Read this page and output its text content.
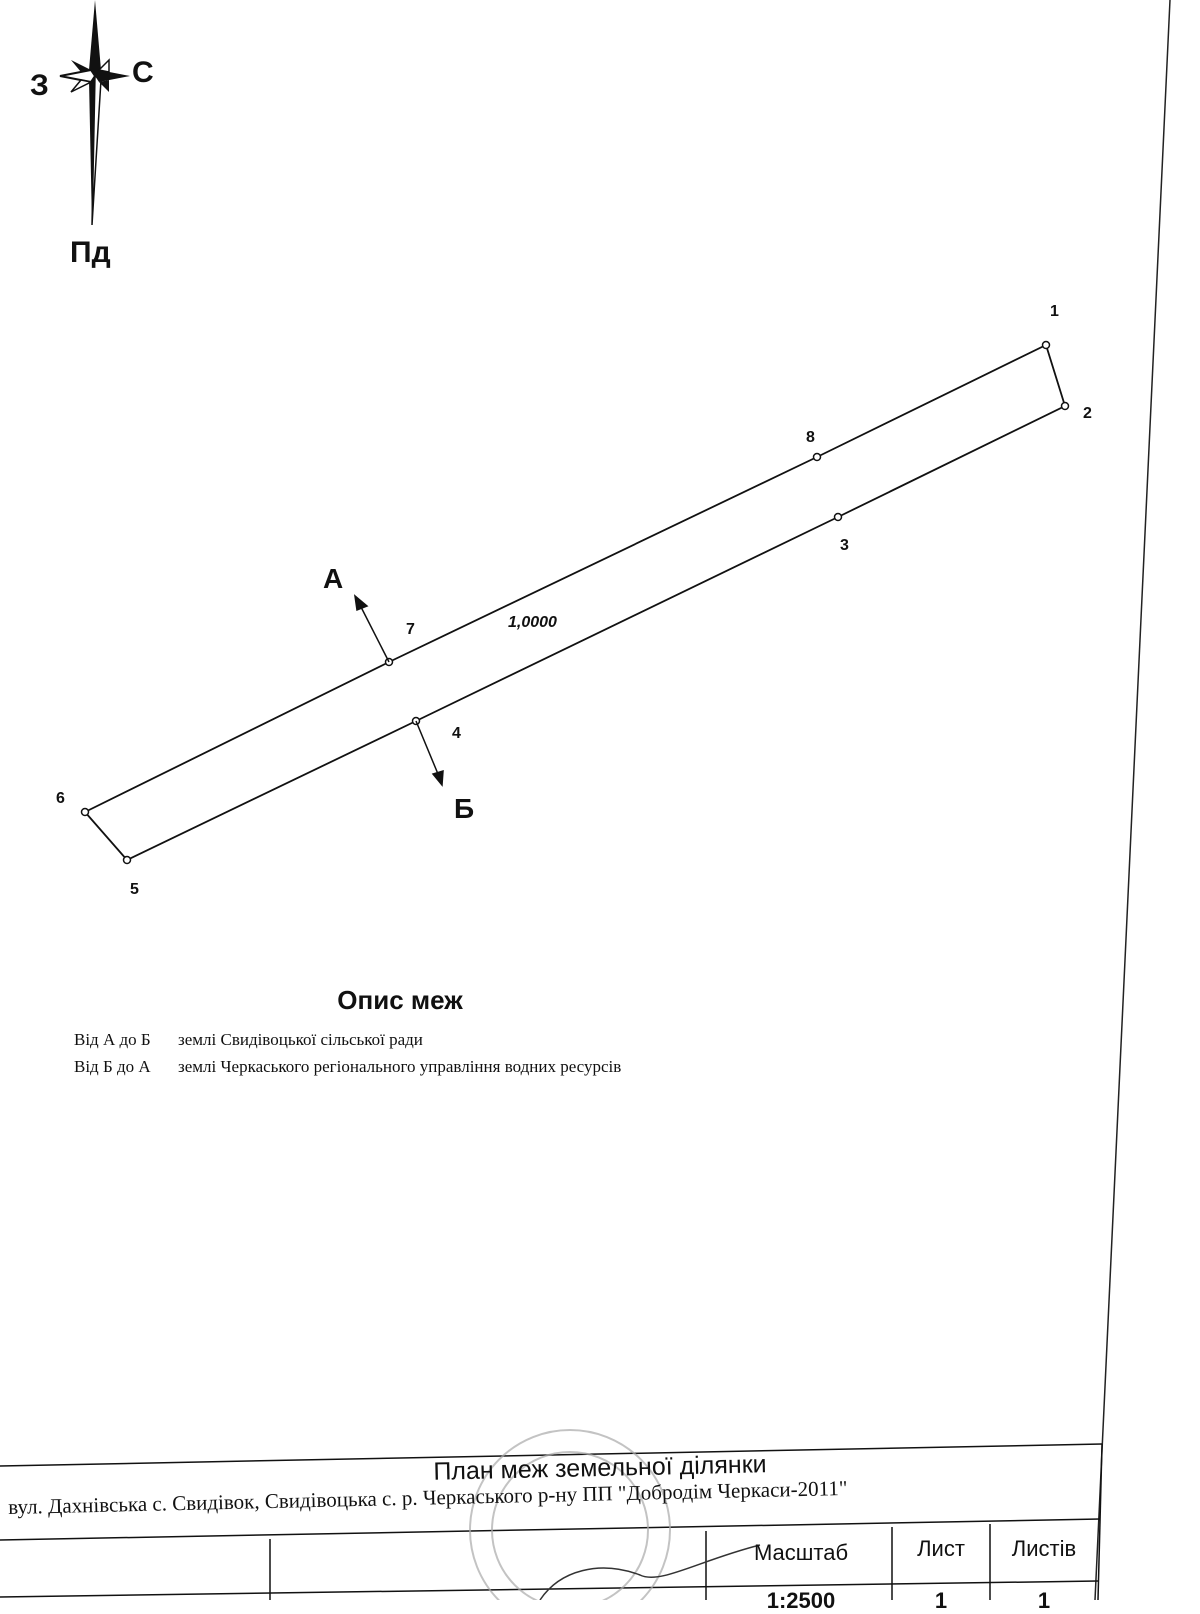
З	С
Пд
1
2
3
4
5
6
7
8
1,0000
А
Б
Опис меж
Від А до Б землі Свидівоцької сільської ради
Від Б до А землі Черкаського регіонального управління водних ресурсів
План меж земельної ділянки
вул. Дахнівська с. Свидівок, Свидівоцька с. р. Черкаського р-ну ПП "Добродім Черкаси-2011"
Масштаб	Лист	Листів
1:2500	1	1
